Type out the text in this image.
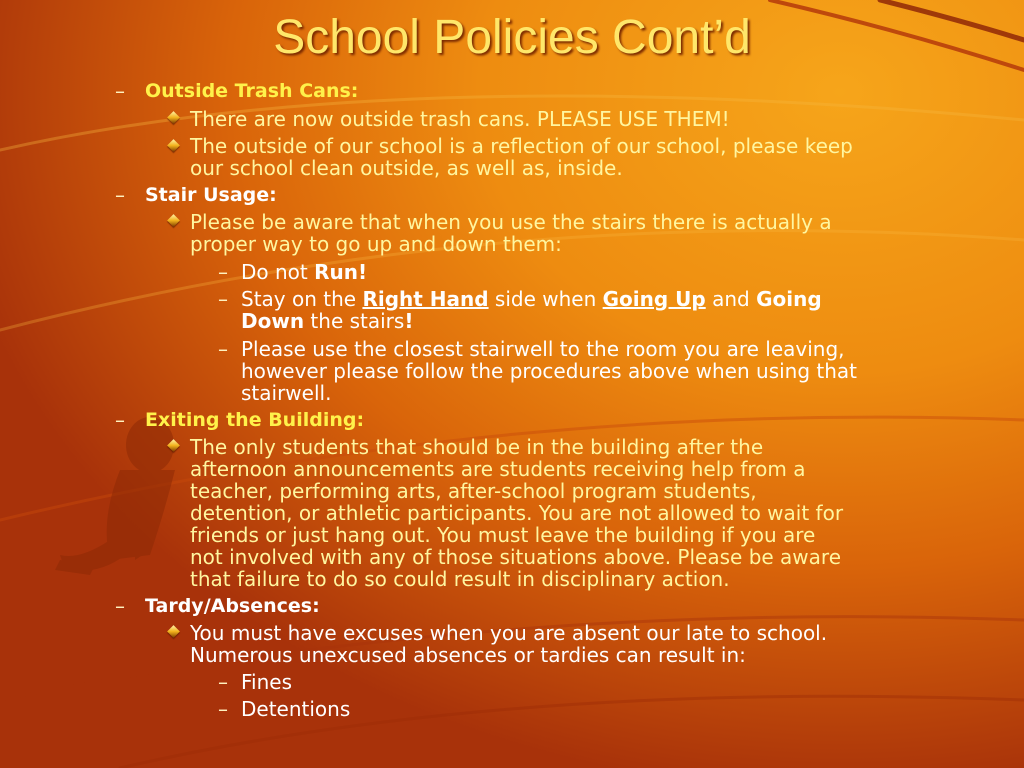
School Policies Cont’d
– Outside Trash Cans:
There are now outside trash cans. PLEASE USE THEM!
The outside of our school is a reflection of our school, please keep
our school clean outside, as well as, inside.
– Stair Usage:
Please be aware that when you use the stairs there is actually a
proper way to go up and down them:
– Do not Run!
– Stay on the Right Hand side when Going Up and Going
Down the stairs!
– Please use the closest stairwell to the room you are leaving,
however please follow the procedures above when using that
stairwell.
– Exiting the Building:
The only students that should be in the building after the
afternoon announcements are students receiving help from a
teacher, performing arts, after-school program students,
detention, or athletic participants. You are not allowed to wait for
friends or just hang out. You must leave the building if you are
not involved with any of those situations above. Please be aware
that failure to do so could result in disciplinary action.
– Tardy/Absences:
You must have excuses when you are absent our late to school.
Numerous unexcused absences or tardies can result in:
– Fines
– Detentions
